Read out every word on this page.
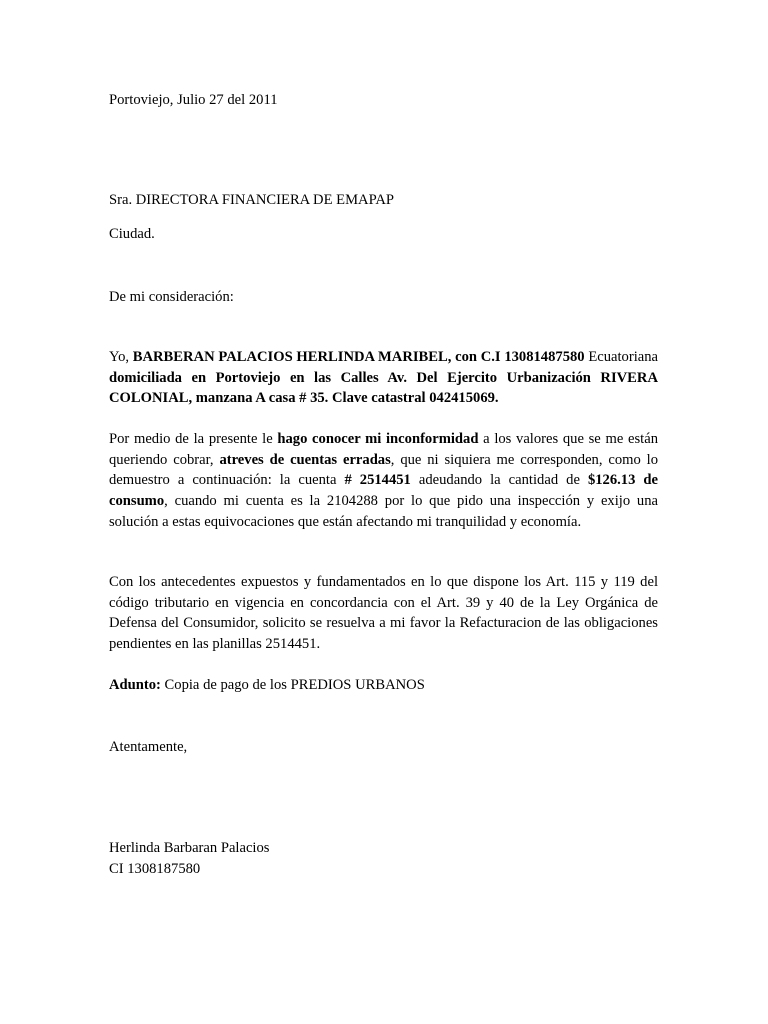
Portoviejo, Julio 27 del 2011

Sra. DIRECTORA FINANCIERA DE EMAPAP

Ciudad.

De mi consideración:

Yo, BARBERAN PALACIOS HERLINDA MARIBEL, con C.I 13081487580 Ecuatoriana domiciliada en Portoviejo en las Calles Av. Del Ejercito Urbanización RIVERA COLONIAL, manzana A casa # 35. Clave catastral 042415069.

Por medio de la presente le hago conocer mi inconformidad a los valores que se me están queriendo cobrar, atreves de cuentas erradas, que ni siquiera me corresponden, como lo demuestro a continuación: la cuenta # 2514451 adeudando la cantidad de $126.13 de consumo, cuando mi cuenta es la 2104288 por lo que pido una inspección y exijo una solución a estas equivocaciones que están afectando mi tranquilidad y economía.

Con los antecedentes expuestos y fundamentados en lo que dispone los Art. 115 y 119 del código tributario en vigencia en concordancia con el Art. 39 y 40 de la Ley Orgánica de Defensa del Consumidor, solicito se resuelva a mi favor la Refacturacion de las obligaciones pendientes en las planillas 2514451.

Adunto: Copia de pago de los PREDIOS URBANOS

Atentamente,

Herlinda Barbaran Palacios

CI 1308187580
